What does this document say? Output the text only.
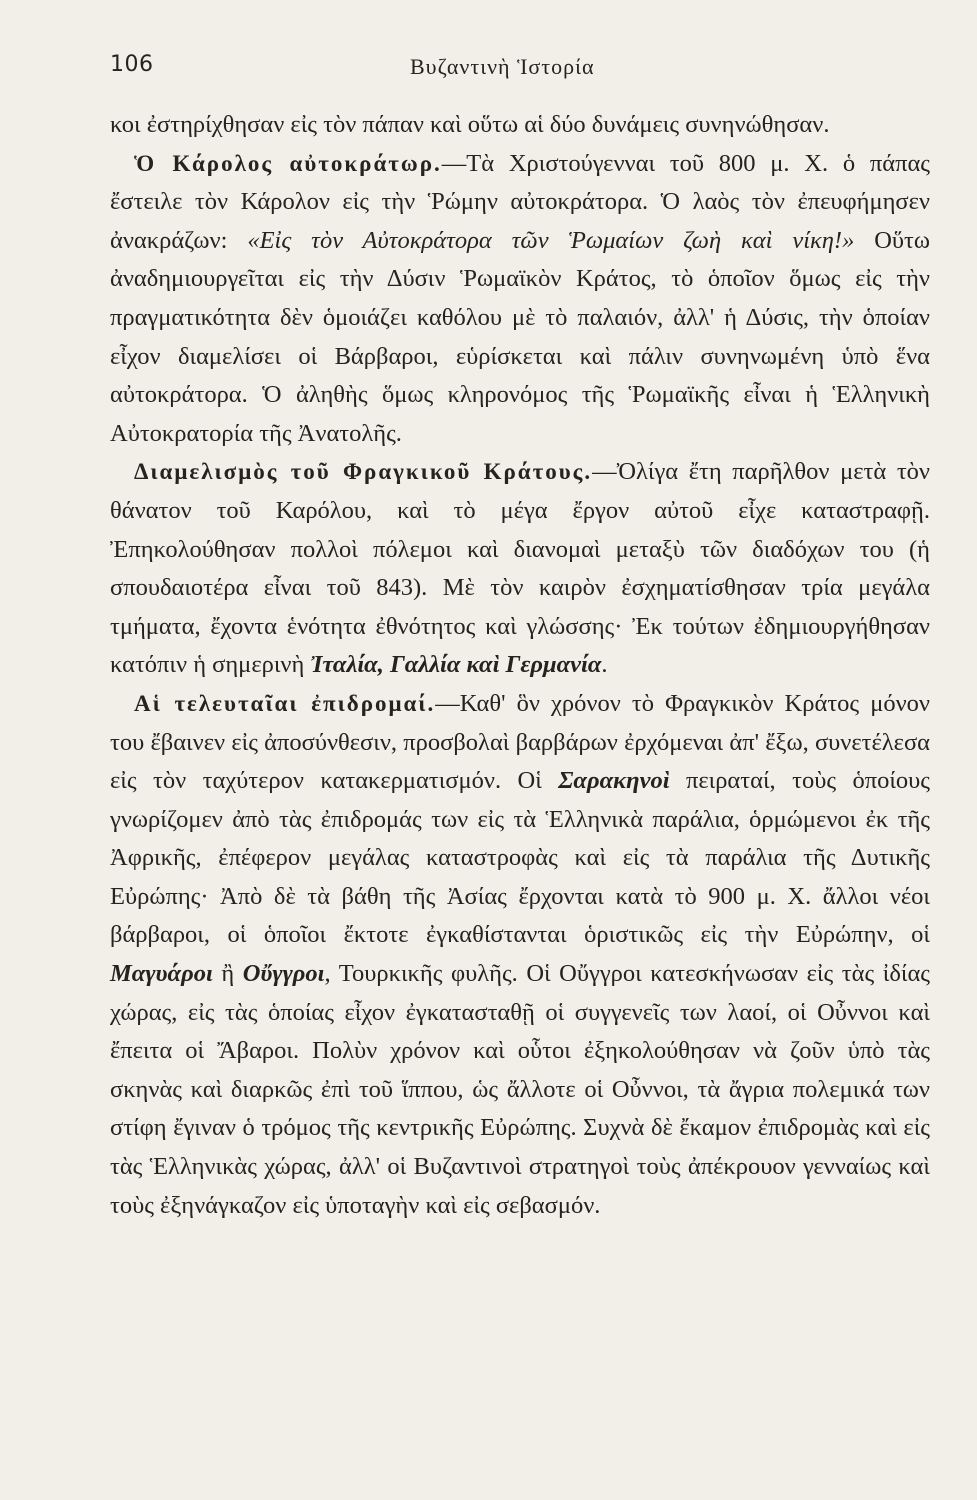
106	Βυζαντινὴ Ἱστορία

κοι ἐστηρίχθησαν εἰς τὸν πάπαν καὶ οὕτω αἱ δύο δυνάμεις συνηνώθησαν.

Ὁ Κάρολος αὐτοκράτωρ.—Τὰ Χριστούγενναι τοῦ 800 μ. Χ. ὁ πάπας ἔστειλε τὸν Κάρολον εἰς τὴν Ῥώμην αὐτοκράτορα. Ὁ λαὸς τὸν ἐπευφήμησεν ἀνακράζων: «Εἰς τὸν Αὐτοκράτορα τῶν Ῥωμαίων ζωὴ καὶ νίκη!» Οὕτω ἀναδημιουργεῖται εἰς τὴν Δύσιν Ῥωμαϊκὸν Κράτος, τὸ ὁποῖον ὅμως εἰς τὴν πραγματικότητα δὲν ὁμοιάζει καθόλου μὲ τὸ παλαιόν, ἀλλ' ἡ Δύσις, τὴν ὁποίαν εἶχον διαμελίσει οἱ Βάρβαροι, εὑρίσκεται καὶ πάλιν συνηνωμένη ὑπὸ ἕνα αὐτοκράτορα. Ὁ ἀληθὴς ὅμως κληρονόμος τῆς Ῥωμαϊκῆς εἶναι ἡ Ἑλληνικὴ Αὐτοκρατορία τῆς Ἀνατολῆς.

Διαμελισμὸς τοῦ Φραγκικοῦ Κράτους.—Ὀλίγα ἔτη παρῆλθον μετὰ τὸν θάνατον τοῦ Καρόλου, καὶ τὸ μέγα ἔργον αὐτοῦ εἶχε καταστραφῇ. Ἐπηκολούθησαν πολλοὶ πόλεμοι καὶ διανομαὶ μεταξὺ τῶν διαδόχων του (ἡ σπουδαιοτέρα εἶναι τοῦ 843). Μὲ τὸν καιρὸν ἐσχηματίσθησαν τρία μεγάλα τμήματα, ἔχοντα ἑνότητα ἐθνότητος καὶ γλώσσης· Ἐκ τούτων ἐδημιουργήθησαν κατόπιν ἡ σημερινὴ Ἰταλία, Γαλλία καὶ Γερμανία.

Αἱ τελευταῖαι ἐπιδρομαί.—Καθ' ὃν χρόνον τὸ Φραγκικὸν Κράτος μόνον του ἔβαινεν εἰς ἀποσύνθεσιν, προσβολαὶ βαρβάρων ἐρχόμεναι ἀπ' ἔξω, συνετέλεσα εἰς τὸν ταχύτερον κατακερματισμόν. Οἱ Σαρακηνοὶ πειραταί, τοὺς ὁποίους γνωρίζομεν ἀπὸ τὰς ἐπιδρομάς των εἰς τὰ Ἑλληνικὰ παράλια, ὁρμώμενοι ἐκ τῆς Ἀφρικῆς, ἐπέφερον μεγάλας καταστροφὰς καὶ εἰς τὰ παράλια τῆς Δυτικῆς Εὐρώπης· Ἀπὸ δὲ τὰ βάθη τῆς Ἀσίας ἔρχονται κατὰ τὸ 900 μ. Χ. ἄλλοι νέοι βάρβαροι, οἱ ὁποῖοι ἔκτοτε ἐγκαθίστανται ὁριστικῶς εἰς τὴν Εὐρώπην, οἱ Μαγυάροι ἢ Οὔγγροι, Τουρκικῆς φυλῆς. Οἱ Οὔγγροι κατεσκήνωσαν εἰς τὰς ἰδίας χώρας, εἰς τὰς ὁποίας εἶχον ἐγκατασταθῇ οἱ συγγενεῖς των λαοί, οἱ Οὖννοι καὶ ἔπειτα οἱ Ἄβαροι. Πολὺν χρόνον καὶ οὗτοι ἐξηκολούθησαν νὰ ζοῦν ὑπὸ τὰς σκηνὰς καὶ διαρκῶς ἐπὶ τοῦ ἵππου, ὡς ἄλλοτε οἱ Οὖννοι, τὰ ἄγρια πολεμικά των στίφη ἔγιναν ὁ τρόμος τῆς κεντρικῆς Εὐρώπης. Συχνὰ δὲ ἔκαμον ἐπιδρομὰς καὶ εἰς τὰς Ἑλληνικὰς χώρας, ἀλλ' οἱ Βυζαντινοὶ στρατηγοὶ τοὺς ἀπέκρουον γενναίως καὶ τοὺς ἐξηνάγκαζον εἰς ὑποταγὴν καὶ εἰς σεβασμόν.
